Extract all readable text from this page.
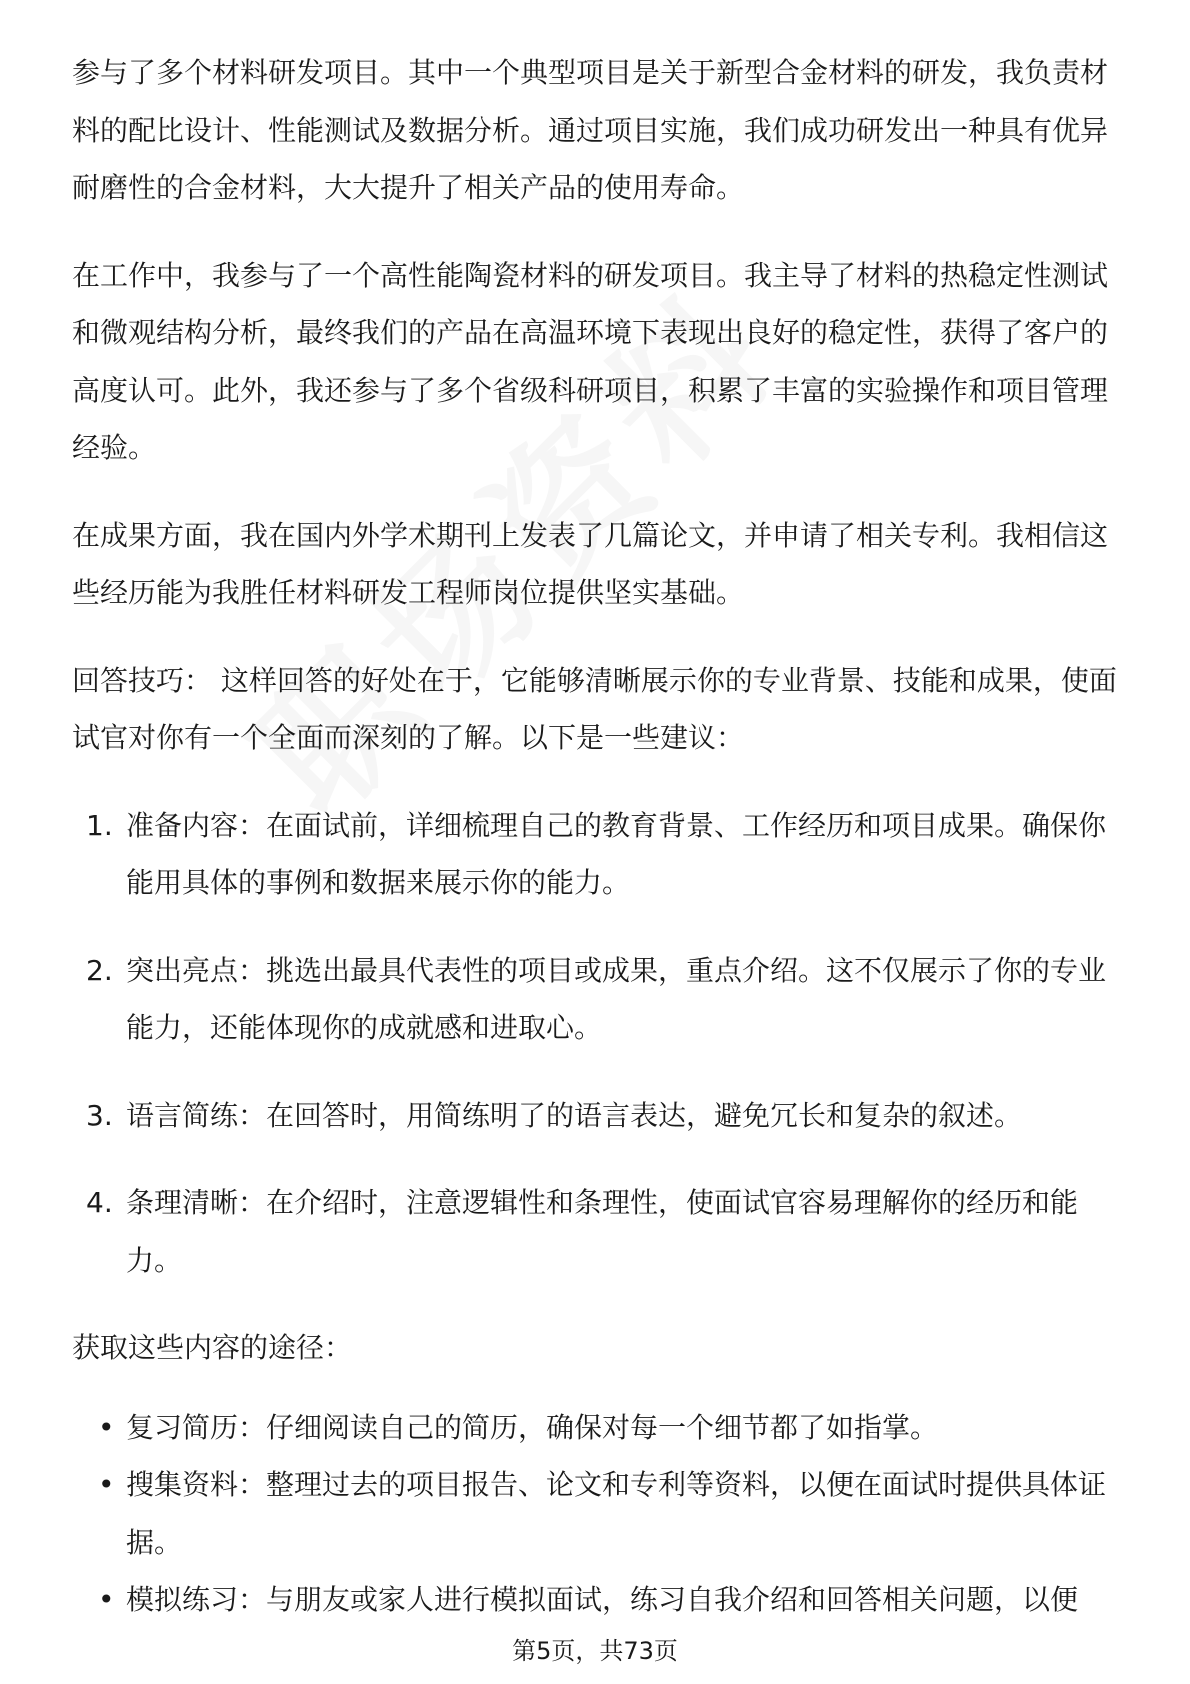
参与了多个材料研发项目。其中一个典型项目是关于新型合金材料的研发，我负责材料的配比设计、性能测试及数据分析。通过项目实施，我们成功研发出一种具有优异耐磨性的合金材料，大大提升了相关产品的使用寿命。

在工作中，我参与了一个高性能陶瓷材料的研发项目。我主导了材料的热稳定性测试和微观结构分析，最终我们的产品在高温环境下表现出良好的稳定性，获得了客户的高度认可。此外，我还参与了多个省级科研项目，积累了丰富的实验操作和项目管理经验。

在成果方面，我在国内外学术期刊上发表了几篇论文，并申请了相关专利。我相信这些经历能为我胜任材料研发工程师岗位提供坚实基础。

回答技巧： 这样回答的好处在于，它能够清晰展示你的专业背景、技能和成果，使面试官对你有一个全面而深刻的了解。以下是一些建议：

1. 准备内容：在面试前，详细梳理自己的教育背景、工作经历和项目成果。确保你能用具体的事例和数据来展示你的能力。
2. 突出亮点：挑选出最具代表性的项目或成果，重点介绍。这不仅展示了你的专业能力，还能体现你的成就感和进取心。
3. 语言简练：在回答时，用简练明了的语言表达，避免冗长和复杂的叙述。
4. 条理清晰：在介绍时，注意逻辑性和条理性，使面试官容易理解你的经历和能力。

获取这些内容的途径：

• 复习简历：仔细阅读自己的简历，确保对每一个细节都了如指掌。
• 搜集资料：整理过去的项目报告、论文和专利等资料，以便在面试时提供具体证据。
• 模拟练习：与朋友或家人进行模拟面试，练习自我介绍和回答相关问题，以便
第5页，共73页
